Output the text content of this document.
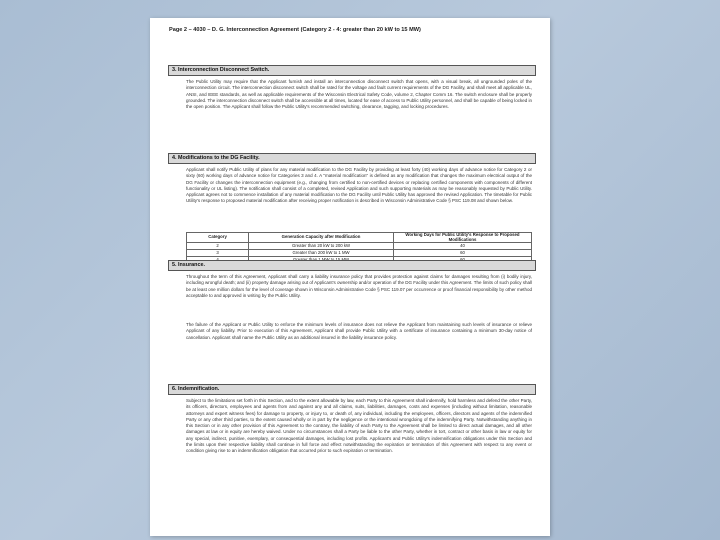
Page 2 – 4030 – D. G. Interconnection Agreement (Category 2 - 4: greater than 20 kW to 15 MW)
3. Interconnection Disconnect Switch.
The Public Utility may require that the Applicant furnish and install an interconnection disconnect switch that opens, with a visual break, all ungrounded poles of the interconnection circuit. The interconnection disconnect switch shall be rated for the voltage and fault current requirements of the DG Facility, and shall meet all applicable UL, ANSI, and IEEE standards, as well as applicable requirements of the Wisconsin Electrical Safety Code, volume 2, Chapter Comm 16. The switch enclosure shall be properly grounded. The interconnection disconnect switch shall be accessible at all times, located for ease of access to Public Utility personnel, and shall be capable of being locked in the open position. The Applicant shall follow the Public Utility's recommended switching, clearance, tagging, and locking procedures.
4. Modifications to the DG Facility.
Applicant shall notify Public Utility of plans for any material modification to the DG Facility by providing at least forty (40) working days of advance notice for Category 2 or sixty (60) working days of advance notice for Categories 3 and 4. A "material modification" is defined as any modification that changes the maximum electrical output of the DG Facility or changes the interconnection equipment (e.g., changing from certified to non-certified devices or replacing certified components with components of different functionality or UL listing). The notification shall consist of a completed, revised Application and such supporting materials as may be reasonably requested by Public Utility. Applicant agrees not to commence installation of any material modification to the DG Facility until Public Utility has approved the revised Application. The timetable for Public Utility's response to proposed material modification after receiving proper notification is described in Wisconsin Administrative Code § PSC 119.08 and shown below.
Category	Generation Capacity after Modification	Working Days for Public Utility's Response to Proposed Modifications
2	Greater than 20 kW to 200 kW	40
3	Greater than 200 kW to 1 MW	60

5. Insurance.
Throughout the term of this Agreement, Applicant shall carry a liability insurance policy that provides protection against claims for damages resulting from (i) bodily injury, including wrongful death; and (ii) property damage arising out of Applicant's ownership and/or operation of the DG Facility under this Agreement. The limits of such policy shall be at least one million dollars for the level of coverage shown in Wisconsin Administrative Code § PSC 119.07 per occurrence or proof financial responsibility by other method acceptable to and approved in writing by the Public Utility.
The failure of the Applicant or Public Utility to enforce the minimum levels of insurance does not relieve the Applicant from maintaining such levels of insurance or relieve Applicant of any liability. Prior to execution of this Agreement, Applicant shall provide Public Utility with a certificate of insurance containing a minimum 30-day notice of cancellation. Applicant shall name the Public Utility as an additional insured in the liability insurance policy.
6. Indemnification.
Subject to the limitations set forth in this Section, and to the extent allowable by law, each Party to this Agreement shall indemnify, hold harmless and defend the other Party, its officers, directors, employees and agents from and against any and all claims, suits, liabilities, damages, costs and expenses (including without limitation, reasonable attorneys and expert witness fees) for damage to property, or injury to, or death of, any individual, including the employees, officers, directors and agents of the indemnified Party or any other third parties, to the extent caused wholly or in part by the negligence or the intentional wrongdoing of the indemnifying Party. Notwithstanding anything in this Section or in any other provision of this Agreement to the contrary, the liability of each Party to the Agreement shall be limited to direct actual damages, and all other damages at law or in equity are hereby waived. Under no circumstances shall a Party be liable to the other Party, whether in tort, contract or other basis in law or equity for any special, indirect, punitive, exemplary, or consequential damages, including lost profits. Applicant's and Public Utility's indemnification obligations under this Section and the limits upon their respective liability shall continue in full force and effect notwithstanding the expiration or termination of this Agreement with respect to any event or condition giving rise to an indemnification obligation that occurred prior to such expiration or termination.
